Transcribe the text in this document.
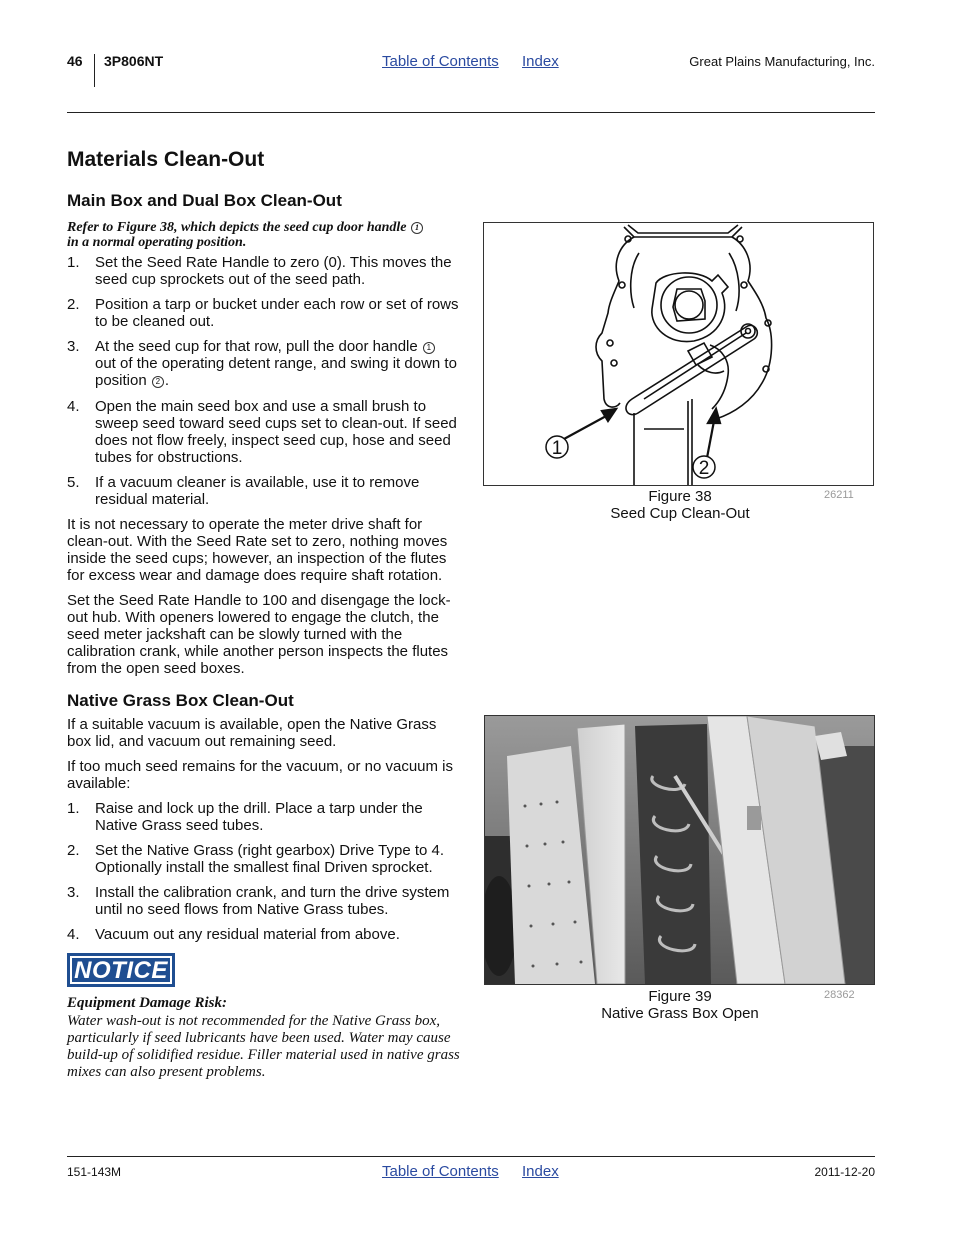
46 3P806NT	Table of Contents Index	Great Plains Manufacturing, Inc.
Materials Clean-Out
Main Box and Dual Box Clean-Out
Refer to Figure 38, which depicts the seed cup door handle 1
in a normal operating position.
1. Set the Seed Rate Handle to zero (0). This moves the seed cup sprockets out of the seed path.
2. Position a tarp or bucket under each row or set of rows to be cleaned out.
3. At the seed cup for that row, pull the door handle 1 out of the operating detent range, and swing it down to position 2 .
4. Open the main seed box and use a small brush to sweep seed toward seed cups set to clean-out. If seed does not flow freely, inspect seed cup, hose and seed tubes for obstructions.
5. If a vacuum cleaner is available, use it to remove residual material.

It is not necessary to operate the meter drive shaft for clean-out. With the Seed Rate set to zero, nothing moves inside the seed cups; however, an inspection of the flutes for excess wear and damage does require shaft rotation.

Set the Seed Rate Handle to 100 and disengage the lock-out hub. With openers lowered to engage the clutch, the seed meter jackshaft can be slowly turned with the calibration crank, while another person inspects the flutes from the open seed boxes.

Native Grass Box Clean-Out

If a suitable vacuum is available, open the Native Grass box lid, and vacuum out remaining seed.

If too much seed remains for the vacuum, or no vacuum is available:

1. Raise and lock up the drill. Place a tarp under the Native Grass seed tubes.
2. Set the Native Grass (right gearbox) Drive Type to 4. Optionally install the smallest final Driven sprocket.
3. Install the calibration crank, and turn the drive system until no seed flows from Native Grass tubes.
4. Vacuum out any residual material from above.
NOTICE
Equipment Damage Risk:
Water wash-out is not recommended for the Native Grass box, particularly if seed lubricants have been used. Water may cause build-up of solidified residue. Filler material used in native grass mixes can also present problems.
1
2
Figure 38
Seed Cup Clean-Out
26211
Figure 39
Native Grass Box Open
28362
151-143M	Table of Contents Index	2011-12-20
